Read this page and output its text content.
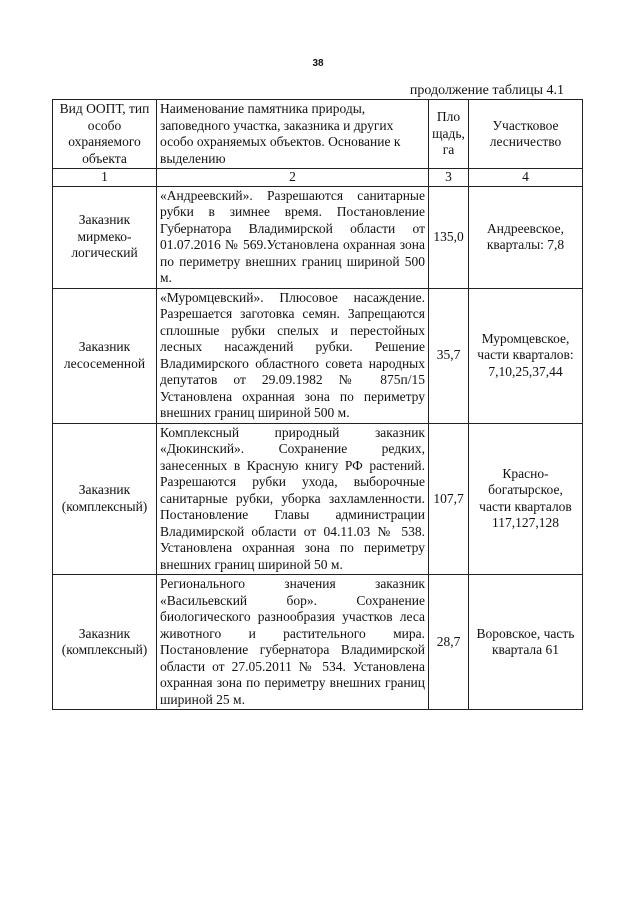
38
продолжение таблицы 4.1
Вид ООПТ, тип особо охраняемого объекта	Наименование памятника природы, заповедного участка, заказника и других особо охраняемых объектов. Основание к выделению	Пло щадь, га	Участковое лесничество
1	2	3	4
Заказник мирмеко-логический	«Андреевский». Разрешаются санитарные рубки в зимнее время. Постановление Губернатора Владимирской области от 01.07.2016 № 569.Установлена охранная зона по периметру внешних границ шириной 500 м.	135,0	Андреевское, кварталы: 7,8
Заказник лесосеменной	«Муромцевский». Плюсовое насаждение. Разрешается заготовка семян. Запрещаются сплошные рубки спелых и перестойных лесных насаждений рубки. Решение Владимирского областного совета народных депутатов от 29.09.1982 № 875п/15 Установлена охранная зона по периметру внешних границ шириной 500 м.	35,7	Муромцевское, части кварталов: 7,10,25,37,44
Заказник (комплексный)	Комплексный природный заказник «Дюкинский». Сохранение редких, занесенных в Красную книгу РФ растений. Разрешаются рубки ухода, выборочные санитарные рубки, уборка захламленности. Постановление Главы администрации Владимирской области от 04.11.03 № 538. Установлена охранная зона по периметру внешних границ шириной 50 м.	107,7	Красно-богатырское, части кварталов 117,127,128
Заказник (комплексный)	Регионального значения заказник «Васильевский бор». Сохранение биологического разнообразия участков леса животного и растительного мира. Постановление губернатора Владимирской области от 27.05.2011 № 534. Установлена охранная зона по периметру внешних границ шириной 25 м.	28,7	Воровское, часть квартала 61
